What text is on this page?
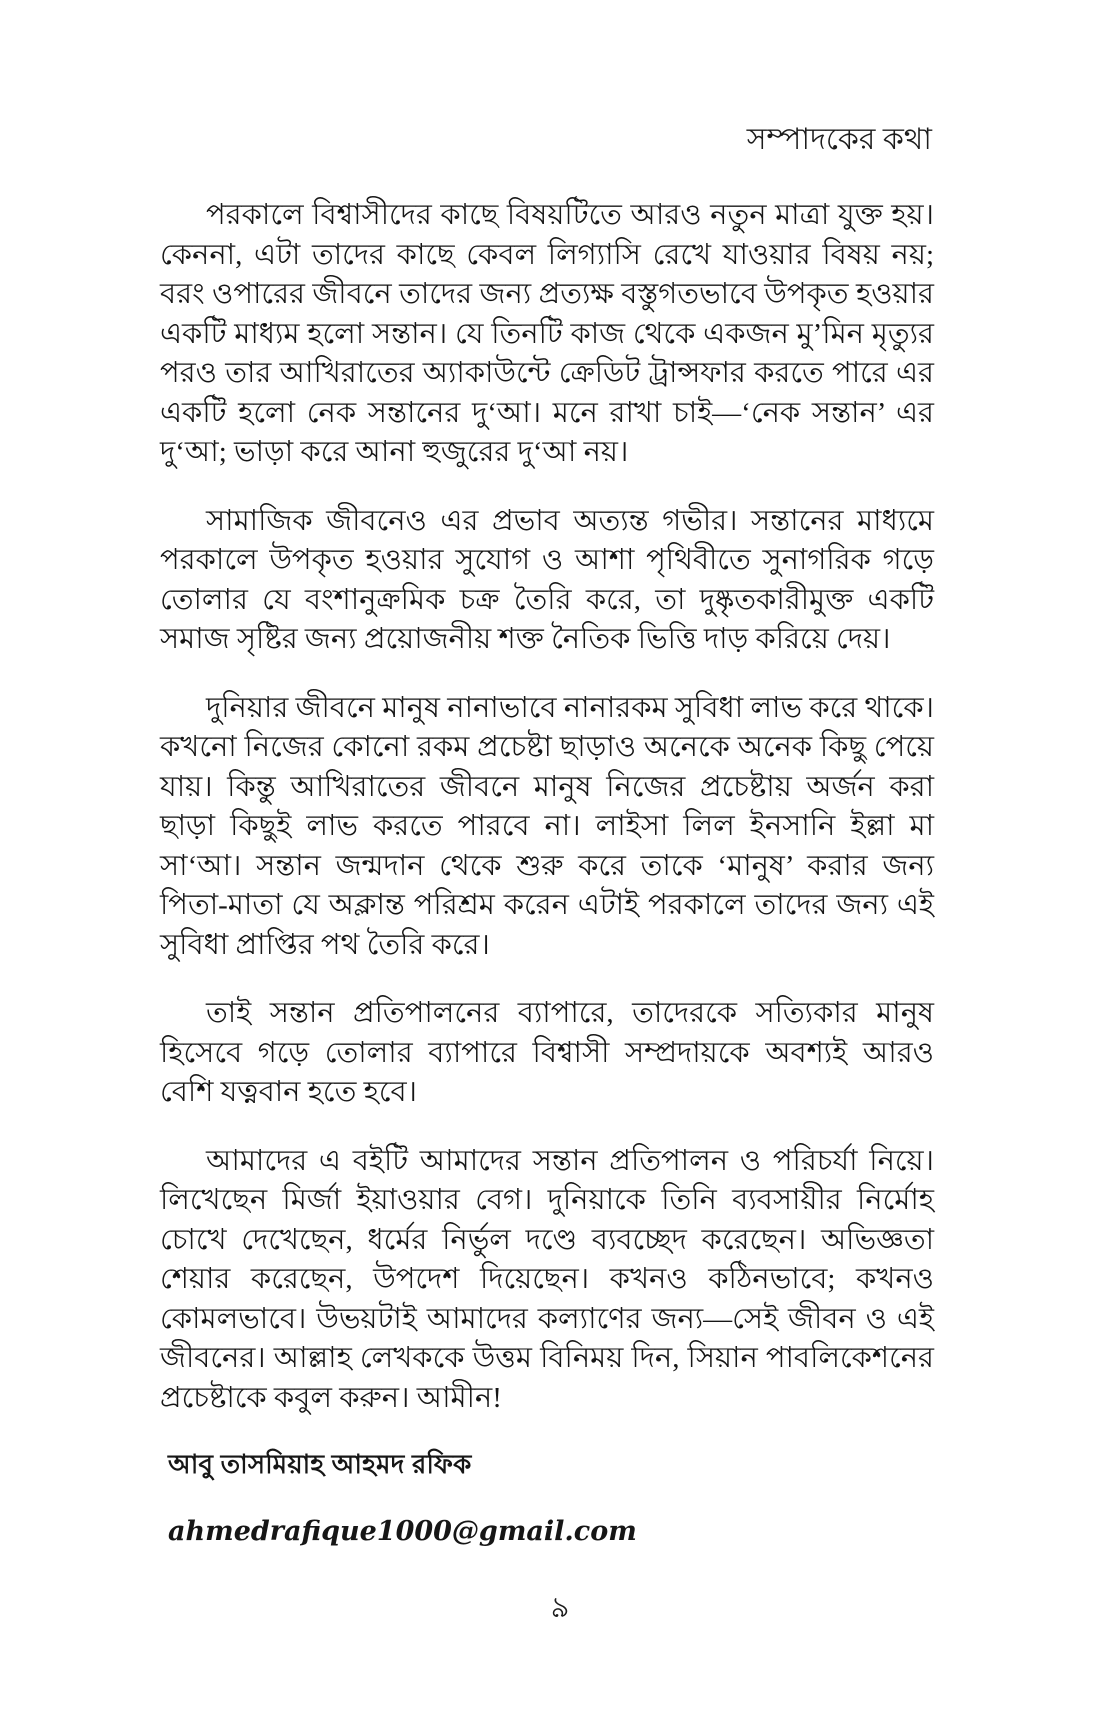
সম্পাদকের কথা

পরকালে বিশ্বাসীদের কাছে বিষয়টিতে আরও নতুন মাত্রা যুক্ত হয়। কেননা, এটা তাদের কাছে কেবল লিগ্যাসি রেখে যাওয়ার বিষয় নয়; বরং ওপারের জীবনে তাদের জন্য প্রত্যক্ষ বস্তুগতভাবে উপকৃত হওয়ার একটি মাধ্যম হলো সন্তান। যে তিনটি কাজ থেকে একজন মু’মিন মৃত্যুর পরও তার আখিরাতের অ্যাকাউন্টে ক্রেডিট ট্রান্সফার করতে পারে এর একটি হলো নেক সন্তানের দু‘আ। মনে রাখা চাই—‘নেক সন্তান’ এর দু‘আ; ভাড়া করে আনা হুজুরের দু‘আ নয়।

সামাজিক জীবনেও এর প্রভাব অত্যন্ত গভীর। সন্তানের মাধ্যমে পরকালে উপকৃত হওয়ার সুযোগ ও আশা পৃথিবীতে সুনাগরিক গড়ে তোলার যে বংশানুক্রমিক চক্র তৈরি করে, তা দুষ্কৃতকারীমুক্ত একটি সমাজ সৃষ্টির জন্য প্রয়োজনীয় শক্ত নৈতিক ভিত্তি দাড় করিয়ে দেয়।

দুনিয়ার জীবনে মানুষ নানাভাবে নানারকম সুবিধা লাভ করে থাকে। কখনো নিজের কোনো রকম প্রচেষ্টা ছাড়াও অনেকে অনেক কিছু পেয়ে যায়। কিন্তু আখিরাতের জীবনে মানুষ নিজের প্রচেষ্টায় অর্জন করা ছাড়া কিছুই লাভ করতে পারবে না। লাইসা লিল ইনসানি ইল্লা মা সা‘আ। সন্তান জন্মদান থেকে শুরু করে তাকে ‘মানুষ’ করার জন্য পিতা-মাতা যে অক্লান্ত পরিশ্রম করেন এটাই পরকালে তাদের জন্য এই সুবিধা প্রাপ্তির পথ তৈরি করে।

তাই সন্তান প্রতিপালনের ব্যাপারে, তাদেরকে সত্যিকার মানুষ হিসেবে গড়ে তোলার ব্যাপারে বিশ্বাসী সম্প্রদায়কে অবশ্যই আরও বেশি যত্নবান হতে হবে।

আমাদের এ বইটি আমাদের সন্তান প্রতিপালন ও পরিচর্যা নিয়ে। লিখেছেন মির্জা ইয়াওয়ার বেগ। দুনিয়াকে তিনি ব্যবসায়ীর নির্মোহ চোখে দেখেছেন, ধর্মের নির্ভুল দণ্ডে ব্যবচ্ছেদ করেছেন। অভিজ্ঞতা শেয়ার করেছেন, উপদেশ দিয়েছেন। কখনও কঠিনভাবে; কখনও কোমলভাবে। উভয়টাই আমাদের কল্যাণের জন্য—সেই জীবন ও এই জীবনের। আল্লাহ লেখককে উত্তম বিনিময় দিন, সিয়ান পাবলিকেশনের প্রচেষ্টাকে কবুল করুন। আমীন!

আবু তাসমিয়াহ আহমদ রফিক
ahmedrafique1000@gmail.com
৯
